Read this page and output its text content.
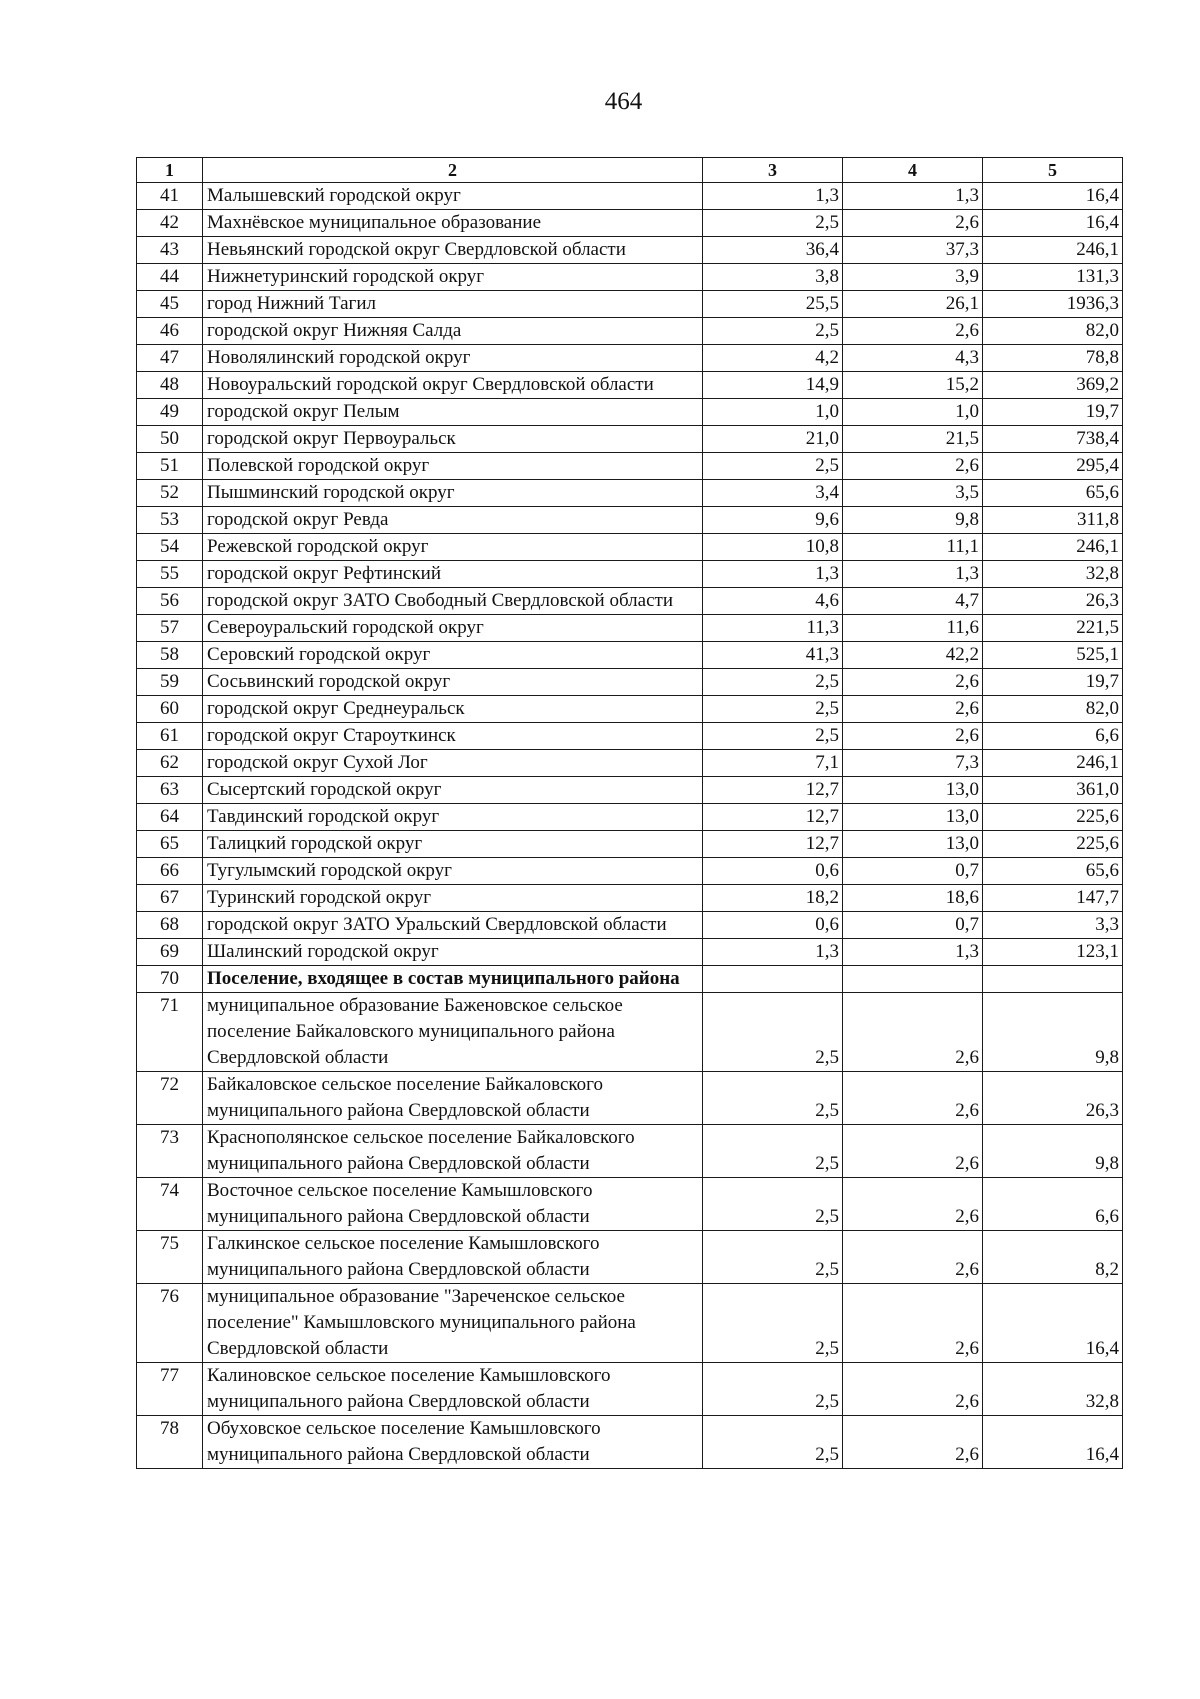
464
1	2	3	4	5
41	Малышевский городской округ	1,3	1,3	16,4
42	Махнёвское муниципальное образование	2,5	2,6	16,4
43	Невьянский городской округ Свердловской области	36,4	37,3	246,1
44	Нижнетуринский городской округ	3,8	3,9	131,3
45	город Нижний Тагил	25,5	26,1	1936,3
46	городской округ Нижняя Салда	2,5	2,6	82,0
47	Новолялинский городской округ	4,2	4,3	78,8
48	Новоуральский городской округ Свердловской области	14,9	15,2	369,2
49	городской округ Пелым	1,0	1,0	19,7
50	городской округ Первоуральск	21,0	21,5	738,4
51	Полевской городской округ	2,5	2,6	295,4
52	Пышминский городской округ	3,4	3,5	65,6
53	городской округ Ревда	9,6	9,8	311,8
54	Режевской городской округ	10,8	11,1	246,1
55	городской округ Рефтинский	1,3	1,3	32,8
56	городской округ ЗАТО Свободный Свердловской области	4,6	4,7	26,3
57	Североуральский городской округ	11,3	11,6	221,5
58	Серовский городской округ	41,3	42,2	525,1
59	Сосьвинский городской округ	2,5	2,6	19,7
60	городской округ Среднеуральск	2,5	2,6	82,0
61	городской округ Староуткинск	2,5	2,6	6,6
62	городской округ Сухой Лог	7,1	7,3	246,1
63	Сысертский городской округ	12,7	13,0	361,0
64	Тавдинский городской округ	12,7	13,0	225,6
65	Талицкий городской округ	12,7	13,0	225,6
66	Тугулымский городской округ	0,6	0,7	65,6
67	Туринский городской округ	18,2	18,6	147,7
68	городской округ ЗАТО Уральский Свердловской области	0,6	0,7	3,3
69	Шалинский городской округ	1,3	1,3	123,1
70	Поселение, входящее в состав муниципального района			
71	муниципальное образование Баженовское сельское поселение Байкаловского муниципального района Свердловской области	2,5	2,6	9,8
72	Байкаловское сельское поселение Байкаловского муниципального района Свердловской области	2,5	2,6	26,3
73	Краснополянское сельское поселение Байкаловского муниципального района Свердловской области	2,5	2,6	9,8
74	Восточное сельское поселение Камышловского муниципального района Свердловской области	2,5	2,6	6,6
75	Галкинское сельское поселение Камышловского муниципального района Свердловской области	2,5	2,6	8,2
76	муниципальное образование "Зареченское сельское поселение" Камышловского муниципального района Свердловской области	2,5	2,6	16,4
77	Калиновское сельское поселение Камышловского муниципального района Свердловской области	2,5	2,6	32,8
78	Обуховское сельское поселение Камышловского муниципального района Свердловской области	2,5	2,6	16,4
